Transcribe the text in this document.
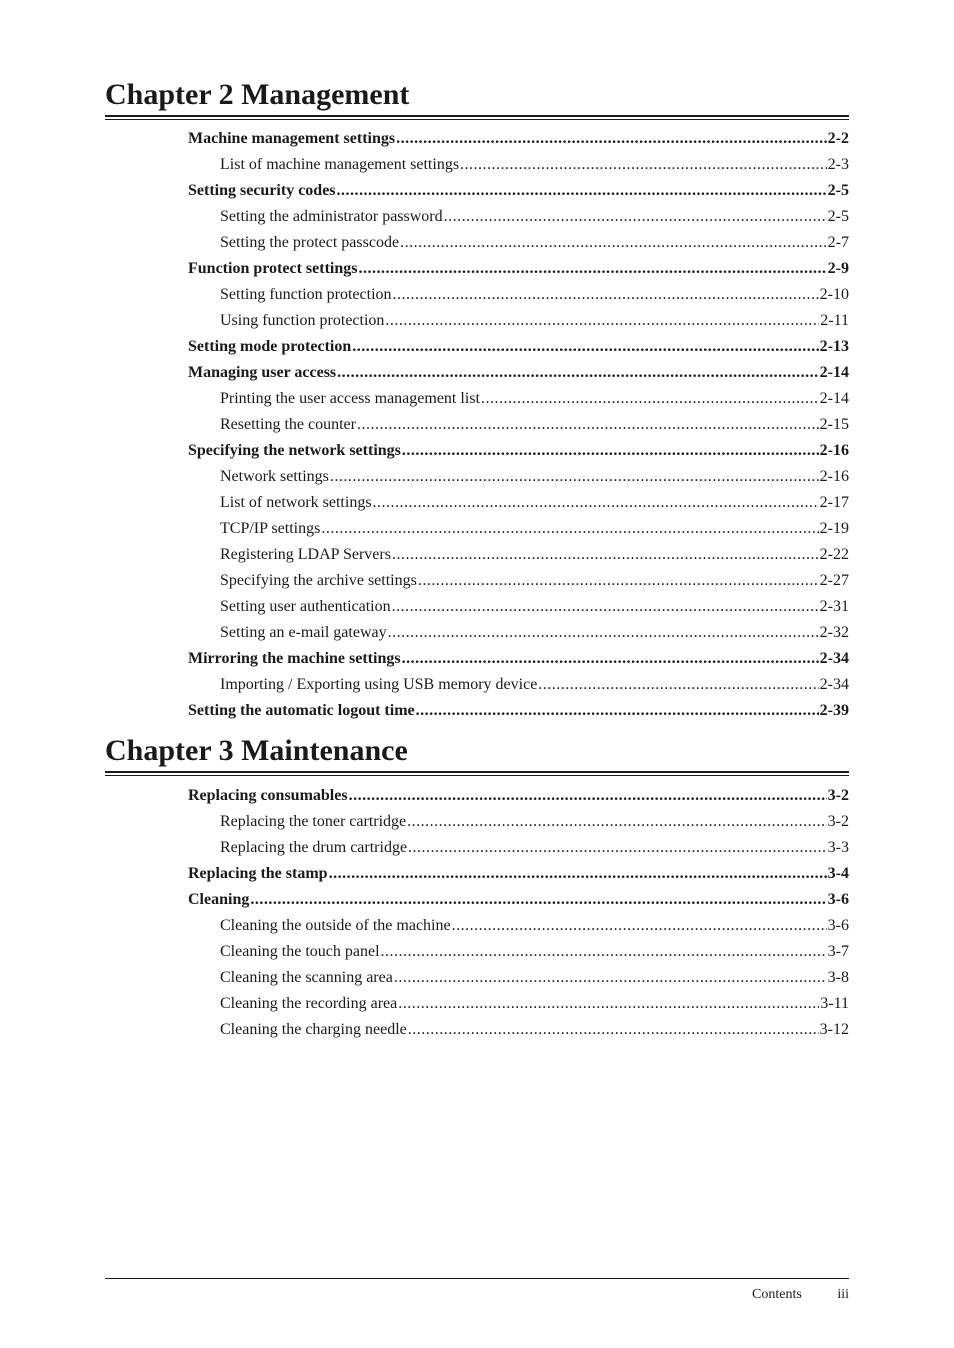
Chapter 2 Management
Machine management settings .....	2-2
List of machine management settings .....	2-3
Setting security codes .....	2-5
Setting the administrator password .....	2-5
Setting the protect passcode .....	2-7
Function protect settings .....	2-9
Setting function protection .....	2-10
Using function protection .....	2-11
Setting mode protection .....	2-13
Managing user access .....	2-14
Printing the user access management list .....	2-14
Resetting the counter .....	2-15
Specifying the network settings .....	2-16
Network settings .....	2-16
List of network settings .....	2-17
TCP/IP settings .....	2-19
Registering LDAP Servers .....	2-22
Specifying the archive settings .....	2-27
Setting user authentication .....	2-31
Setting an e-mail gateway .....	2-32
Mirroring the machine settings .....	2-34
Importing / Exporting using USB memory device .....	2-34
Setting the automatic logout time .....	2-39
Chapter 3 Maintenance
Replacing consumables .....	3-2
Replacing the toner cartridge .....	3-2
Replacing the drum cartridge .....	3-3
Replacing the stamp .....	3-4
Cleaning .....	3-6
Cleaning the outside of the machine .....	3-6
Cleaning the touch panel .....	3-7
Cleaning the scanning area .....	3-8
Cleaning the recording area .....	3-11
Cleaning the charging needle .....	3-12
Contents	iii
